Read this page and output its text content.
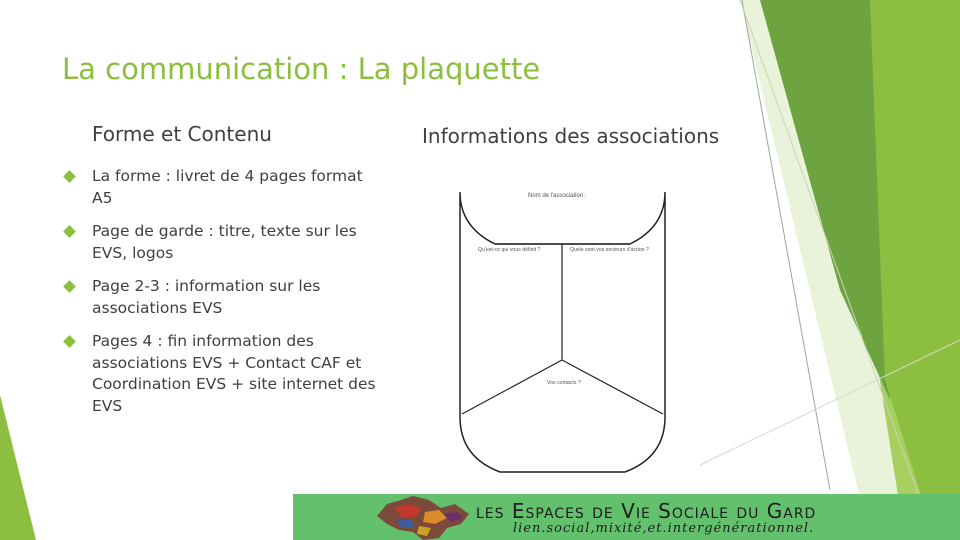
La communication : La plaquette
Forme et Contenu	Informations des associations
La forme : livret de 4 pages format A5
Page de garde : titre, texte sur les EVS, logos
Page 2-3 : information sur les associations EVS
Pages 4 : fin information des associations EVS + Contact CAF et Coordination EVS + site internet des EVS
Nom de l'association :
Qu'est-ce qui vous définit ?	Quels sont vos secteurs d'action ?
Vos contacts ?
les Espaces de Vie Sociale du Gard
lien.social,mixité,et.intergénérationnel.
